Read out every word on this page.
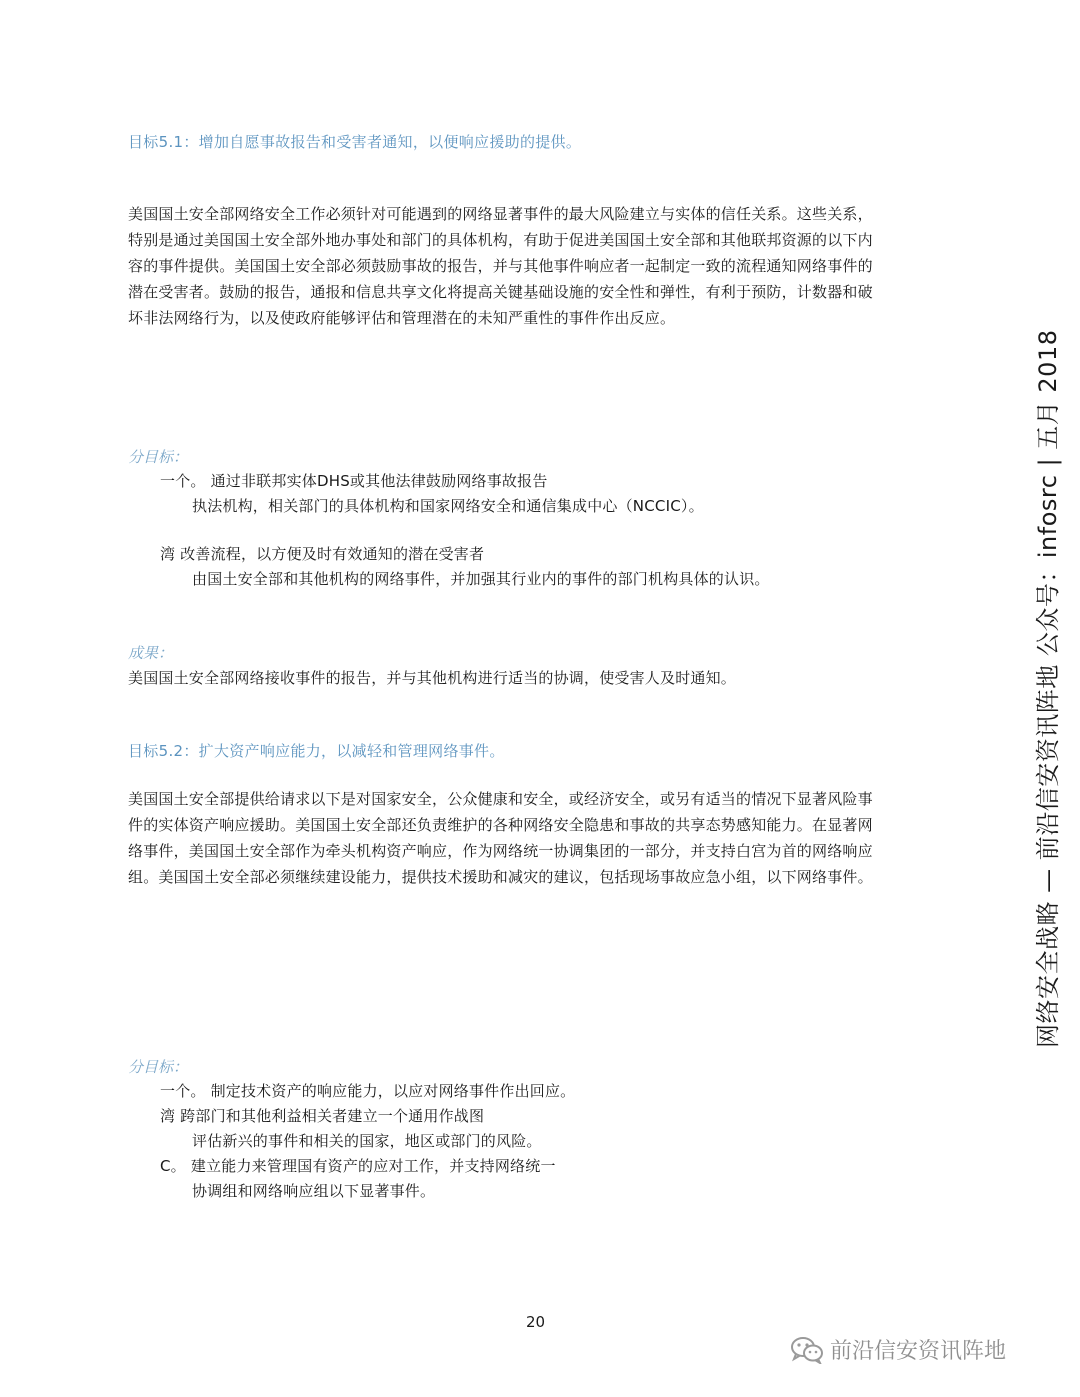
目标5.1：增加自愿事故报告和受害者通知，以便响应援助的提供。
美国国土安全部网络安全工作必须针对可能遇到的网络显著事件的最大风险建立与实体的信任关系。这些关系，
特别是通过美国国土安全部外地办事处和部门的具体机构，有助于促进美国国土安全部和其他联邦资源的以下内
容的事件提供。美国国土安全部必须鼓励事故的报告，并与其他事件响应者一起制定一致的流程通知网络事件的
潜在受害者。鼓励的报告，通报和信息共享文化将提高关键基础设施的安全性和弹性，有利于预防，计数器和破
坏非法网络行为，以及使政府能够评估和管理潜在的未知严重性的事件作出反应。
分目标：
一个。 通过非联邦实体DHS或其他法律鼓励网络事故报告
执法机构，相关部门的具体机构和国家网络安全和通信集成中心（NCCIC）。
湾 改善流程，以方便及时有效通知的潜在受害者
由国土安全部和其他机构的网络事件，并加强其行业内的事件的部门机构具体的认识。
成果：
美国国土安全部网络接收事件的报告，并与其他机构进行适当的协调，使受害人及时通知。
目标5.2：扩大资产响应能力，以减轻和管理网络事件。
美国国土安全部提供给请求以下是对国家安全，公众健康和安全，或经济安全，或另有适当的情况下显著风险事
件的实体资产响应援助。美国国土安全部还负责维护的各种网络安全隐患和事故的共享态势感知能力。在显著网
络事件，美国国土安全部作为牵头机构资产响应，作为网络统一协调集团的一部分，并支持白宫为首的网络响应
组。美国国土安全部必须继续建设能力，提供技术援助和减灾的建议，包括现场事故应急小组，以下网络事件。
分目标：
一个。 制定技术资产的响应能力，以应对网络事件作出回应。
湾 跨部门和其他利益相关者建立一个通用作战图
评估新兴的事件和相关的国家，地区或部门的风险。
C。 建立能力来管理国有资产的应对工作，并支持网络统一
协调组和网络响应组以下显著事件。
网络安全战略 — 前沿信安资讯阵地 公众号：infosrc | 五月 2018
20
前沿信安资讯阵地
